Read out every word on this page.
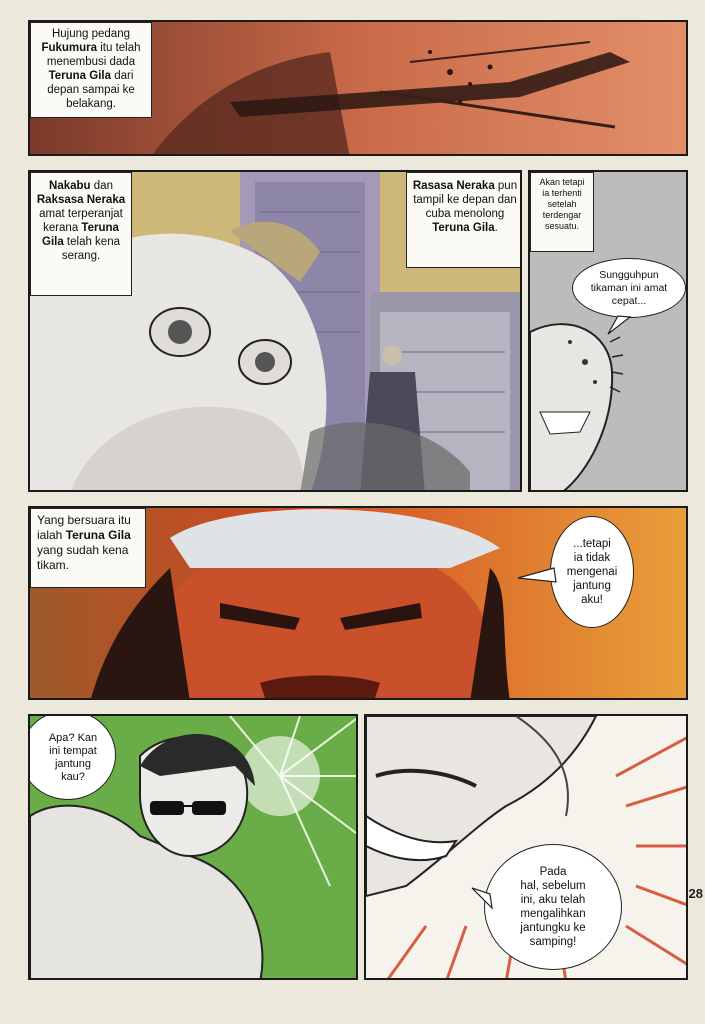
Hujung pedang Fukumura itu telah menembusi dada Teruna Gila dari depan sampai ke belakang.
Nakabu dan Raksasa Neraka amat terperanjat kerana Teruna Gila telah kena serang.
Rasasa Neraka pun tampil ke depan dan cuba menolong Teruna Gila.
Akan tetapi
ia terhenti
setelah
terdengar
sesuatu.
Sungguhpun
tikaman ini amat
cepat...
Yang bersuara itu ialah Teruna Gila yang sudah kena tikam.
...tetapi
ia tidak
mengenai
jantung
aku!
Apa? Kan
ini tempat
jantung
kau?
Pada
hal, sebelum
ini, aku telah
mengalihkan
jantungku ke
samping!
28
